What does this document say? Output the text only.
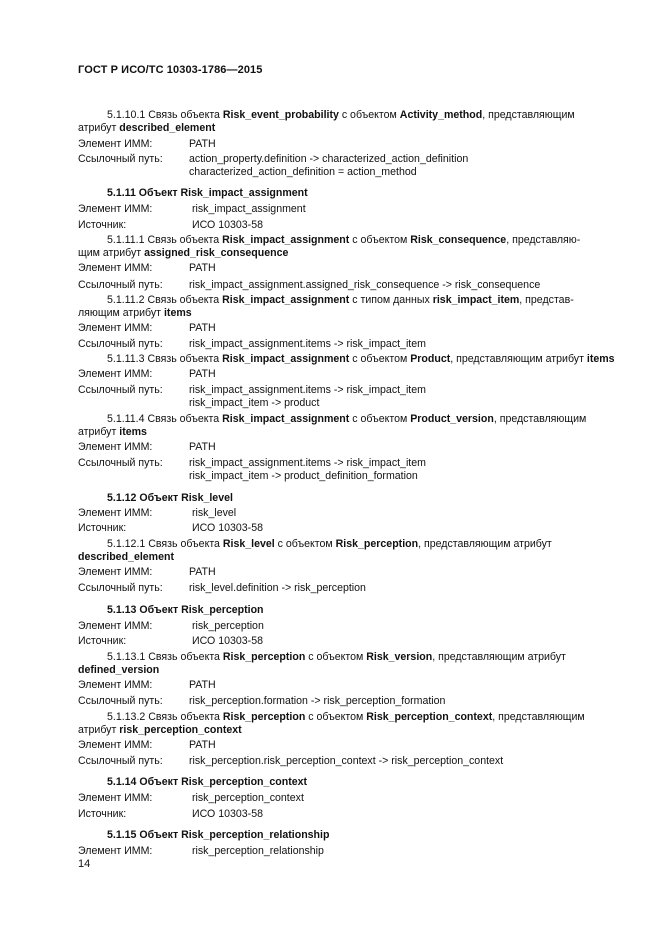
ГОСТ Р ИСО/ТС 10303-1786—2015
5.1.10.1 Связь объекта Risk_event_probability с объектом Activity_method, представляющим
атрибут described_element
Элемент ИММ:	PATH
Ссылочный путь: action_property.definition -> characterized_action_definition
characterized_action_definition = action_method
5.1.11 Объект Risk_impact_assignment
Элемент ИММ:	risk_impact_assignment
Источник:	ИСО 10303-58
5.1.11.1 Связь объекта Risk_impact_assignment с объектом Risk_consequence, представляю-
щим атрибут assigned_risk_consequence
Элемент ИММ:	PATH
Ссылочный путь: risk_impact_assignment.assigned_risk_consequence -> risk_consequence
5.1.11.2 Связь объекта Risk_impact_assignment с типом данных risk_impact_item, представ-
ляющим атрибут items
Элемент ИММ:	PATH
Ссылочный путь: risk_impact_assignment.items -> risk_impact_item
5.1.11.3 Связь объекта Risk_impact_assignment с объектом Product, представляющим атрибут items
Элемент ИММ:	PATH
Ссылочный путь: risk_impact_assignment.items -> risk_impact_item
risk_impact_item -> product
5.1.11.4 Связь объекта Risk_impact_assignment с объектом Product_version, представляющим
атрибут items
Элемент ИММ:	PATH
Ссылочный путь: risk_impact_assignment.items -> risk_impact_item
risk_impact_item -> product_definition_formation
5.1.12 Объект Risk_level
Элемент ИММ:	risk_level
Источник:	ИСО 10303-58
5.1.12.1 Связь объекта Risk_level с объектом Risk_perception, представляющим атрибут
described_element
Элемент ИММ:	PATH
Ссылочный путь: risk_level.definition -> risk_perception
5.1.13 Объект Risk_perception
Элемент ИММ:	risk_perception
Источник:	ИСО 10303-58
5.1.13.1 Связь объекта Risk_perception с объектом Risk_version, представляющим атрибут
defined_version
Элемент ИММ:	PATH
Ссылочный путь: risk_perception.formation -> risk_perception_formation
5.1.13.2 Связь объекта Risk_perception с объектом Risk_perception_context, представляющим
атрибут risk_perception_context
Элемент ИММ:	PATH
Ссылочный путь: risk_perception.risk_perception_context -> risk_perception_context
5.1.14 Объект Risk_perception_context
Элемент ИММ:	risk_perception_context
Источник:	ИСО 10303-58
5.1.15 Объект Risk_perception_relationship
Элемент ИММ:	risk_perception_relationship
14
